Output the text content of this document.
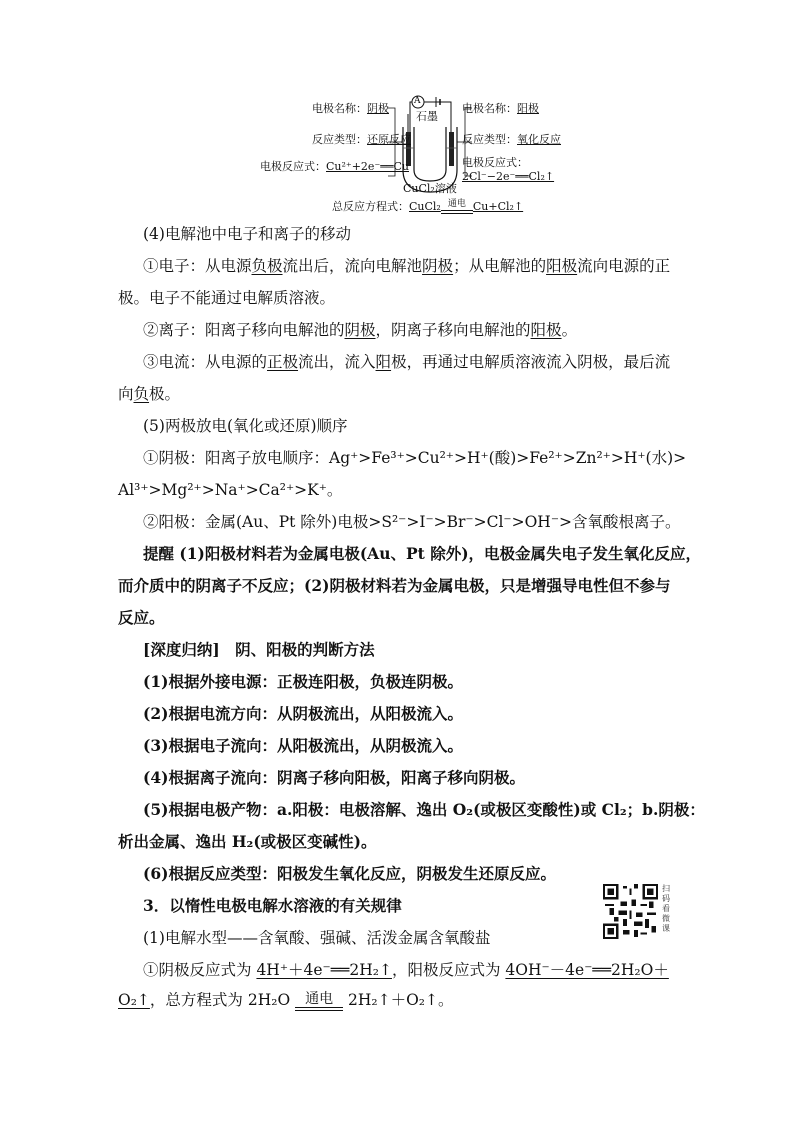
A
石墨
电极名称：阴极
反应类型：还原反应
电极反应式：Cu²⁺+2e⁻══Cu
电极名称：阳极
反应类型：氧化反应
电极反应式：
2Cl⁻−2e⁻══Cl₂↑
CuCl₂溶液
总反应方程式：CuCl₂ 通电 Cu+Cl₂↑
(4)电解池中电子和离子的移动
①电子：从电源负极流出后，流向电解池阴极；从电解池的阳极流向电源的正
极。电子不能通过电解质溶液。
②离子：阳离子移向电解池的阴极，阴离子移向电解池的阳极。
③电流：从电源的正极流出，流入阳极，再通过电解质溶液流入阴极，最后流
向负极。
(5)两极放电(氧化或还原)顺序
①阴极：阳离子放电顺序：Ag⁺>Fe³⁺>Cu²⁺>H⁺(酸)>Fe²⁺>Zn²⁺>H⁺(水)>
Al³⁺>Mg²⁺>Na⁺>Ca²⁺>K⁺。
②阳极：金属(Au、Pt 除外)电极>S²⁻>I⁻>Br⁻>Cl⁻>OH⁻>含氧酸根离子。
提醒 (1)阳极材料若为金属电极(Au、Pt 除外)，电极金属失电子发生氧化反应，
而介质中的阴离子不反应；(2)阴极材料若为金属电极，只是增强导电性但不参与
反应。
[深度归纳]　阴、阳极的判断方法
(1)根据外接电源：正极连阳极，负极连阴极。
(2)根据电流方向：从阴极流出，从阳极流入。
(3)根据电子流向：从阳极流出，从阴极流入。
(4)根据离子流向：阴离子移向阳极，阳离子移向阴极。
(5)根据电极产物：a.阳极：电极溶解、逸出 O₂(或极区变酸性)或 Cl₂；b.阴极：
析出金属、逸出 H₂(或极区变碱性)。
(6)根据反应类型：阳极发生氧化反应，阴极发生还原反应。
3．以惰性电极电解水溶液的有关规律
(1)电解水型——含氧酸、强碱、活泼金属含氧酸盐
①阴极反应式为 4H⁺＋4e⁻══2H₂↑，阳极反应式为 4OH⁻－4e⁻══2H₂O＋
O₂↑，总方程式为 2H₂O 通电 2H₂↑＋O₂↑。
扫码看微课
